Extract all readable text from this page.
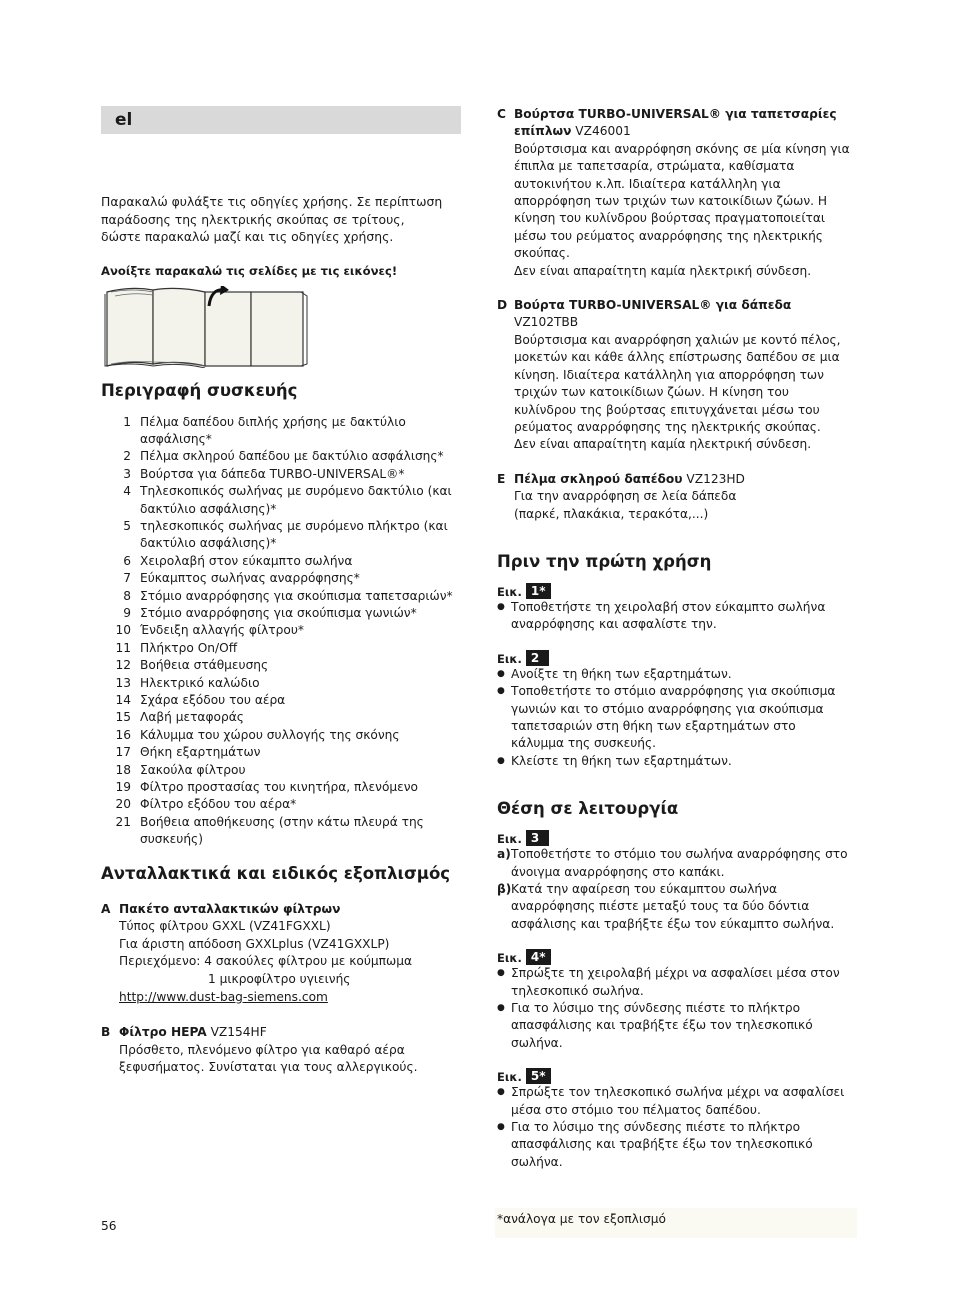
el

Παρακαλώ φυλάξτε τις οδηγίες χρήσης. Σε περίπτωση παράδοσης της ηλεκτρικής σκούπας σε τρίτους, δώστε παρακαλώ μαζί και τις οδηγίες χρήσης.

Ανοίξτε παρακαλώ τις σελίδες με τις εικόνες!
Περιγραφή συσκευής
1 Πέλμα δαπέδου διπλής χρήσης με δακτύλιο ασφάλισης*
2 Πέλμα σκληρού δαπέδου με δακτύλιο ασφάλισης*
3 Βούρτσα για δάπεδα TURBO-UNIVERSAL®*
4 Τηλεσκοπικός σωλήνας με συρόμενο δακτύλιο (και δακτύλιο ασφάλισης)*
5 τηλεσκοπικός σωλήνας με συρόμενο πλήκτρο (και δακτύλιο ασφάλισης)*
6 Χειρολαβή στον εύκαμπτο σωλήνα
7 Εύκαμπτος σωλήνας αναρρόφησης*
8 Στόμιο αναρρόφησης για σκούπισμα ταπετσαριών*
9 Στόμιο αναρρόφησης για σκούπισμα γωνιών*
10 Ένδειξη αλλαγής φίλτρου*
11 Πλήκτρο On/Off
12 Βοήθεια στάθμευσης
13 Ηλεκτρικό καλώδιο
14 Σχάρα εξόδου του αέρα
15 Λαβή μεταφοράς
16 Κάλυμμα του χώρου συλλογής της σκόνης
17 Θήκη εξαρτημάτων
18 Σακούλα φίλτρου
19 Φίλτρο προστασίας του κινητήρα, πλενόμενο
20 Φίλτρο εξόδου του αέρα*
21 Βοήθεια αποθήκευσης (στην κάτω πλευρά της συσκευής)
Ανταλλακτικά και ειδικός εξοπλισμός
A Πακέτο ανταλλακτικών φίλτρων
Τύπος φίλτρου GXXL (VZ41FGXXL)
Για άριστη απόδοση GXXLplus (VZ41GXXLP)
Περιεχόμενο: 4 σακούλες φίλτρου με κούμπωμα
1 μικροφίλτρο υγιεινής
http://www.dust-bag-siemens.com
B Φίλτρο HEPA VZ154HF
Πρόσθετο, πλενόμενο φίλτρο για καθαρό αέρα ξεφυσήματος. Συνίσταται για τους αλλεργικούς.
C Βούρτσα TURBO-UNIVERSAL® για ταπετσαρίες επίπλων VZ46001
Βούρτσισμα και αναρρόφηση σκόνης σε μία κίνηση για έπιπλα με ταπετσαρία, στρώματα, καθίσματα αυτοκινήτου κ.λπ. Ιδιαίτερα κατάλληλη για απορρόφηση των τριχών των κατοικίδιων ζώων. Η κίνηση του κυλίνδρου βούρτσας πραγματοποιείται μέσω του ρεύματος αναρρόφησης της ηλεκτρικής σκούπας.
Δεν είναι απαραίτητη καμία ηλεκτρική σύνδεση.
D Βούρτα TURBO-UNIVERSAL® για δάπεδα VZ102TBB
Βούρτσισμα και αναρρόφηση χαλιών με κοντό πέλος, μοκετών και κάθε άλλης επίστρωσης δαπέδου σε μια κίνηση. Ιδιαίτερα κατάλληλη για απορρόφηση των τριχών των κατοικίδιων ζώων. Η κίνηση του κυλίνδρου της βούρτσας επιτυγχάνεται μέσω του ρεύματος αναρρόφησης της ηλεκτρικής σκούπας.
Δεν είναι απαραίτητη καμία ηλεκτρική σύνδεση.
E Πέλμα σκληρού δαπέδου VZ123HD
Για την αναρρόφηση σε λεία δάπεδα
(παρκέ, πλακάκια, τερακότα,...)
Πριν την πρώτη χρήση
Εικ. 1*
● Τοποθετήστε τη χειρολαβή στον εύκαμπτο σωλήνα αναρρόφησης και ασφαλίστε την.
Εικ. 2
● Ανοίξτε τη θήκη των εξαρτημάτων.
● Τοποθετήστε το στόμιο αναρρόφησης για σκούπισμα γωνιών και το στόμιο αναρρόφησης για σκούπισμα ταπετσαριών στη θήκη των εξαρτημάτων στο κάλυμμα της συσκευής.
● Κλείστε τη θήκη των εξαρτημάτων.
Θέση σε λειτουργία
Εικ. 3
a) Τοποθετήστε το στόμιο του σωλήνα αναρρόφησης στο άνοιγμα αναρρόφησης στο καπάκι.
β) Κατά την αφαίρεση του εύκαμπτου σωλήνα αναρρόφησης πιέστε μεταξύ τους τα δύο δόντια ασφάλισης και τραβήξτε έξω τον εύκαμπτο σωλήνα.
Εικ. 4*
● Σπρώξτε τη χειρολαβή μέχρι να ασφαλίσει μέσα στον τηλεσκοπικό σωλήνα.
● Για το λύσιμο της σύνδεσης πιέστε το πλήκτρο απασφάλισης και τραβήξτε έξω τον τηλεσκοπικό σωλήνα.
Εικ. 5*
● Σπρώξτε τον τηλεσκοπικό σωλήνα μέχρι να ασφαλίσει μέσα στο στόμιο του πέλματος δαπέδου.
● Για το λύσιμο της σύνδεσης πιέστε το πλήκτρο απασφάλισης και τραβήξτε έξω τον τηλεσκοπικό σωλήνα.
*ανάλογα με τον εξοπλισμό
56
